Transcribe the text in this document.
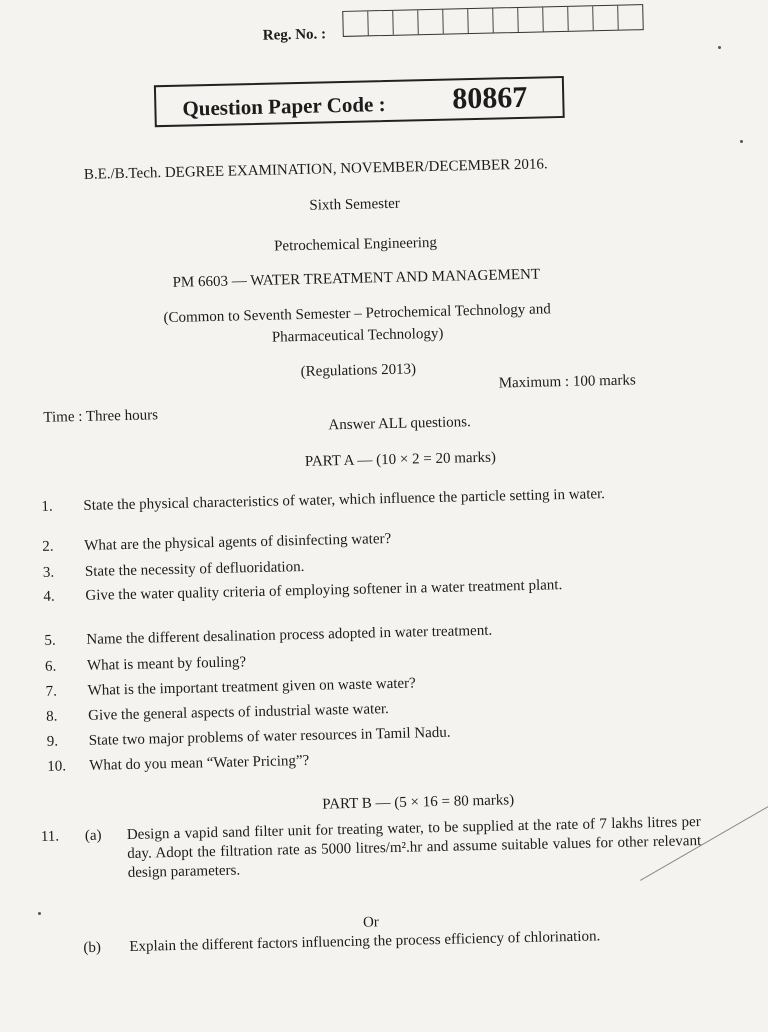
Reg. No. :
Question Paper Code : 80867
B.E./B.Tech. DEGREE EXAMINATION, NOVEMBER/DECEMBER 2016.
Sixth Semester
Petrochemical Engineering
PM 6603 — WATER TREATMENT AND MANAGEMENT
(Common to Seventh Semester – Petrochemical Technology and
Pharmaceutical Technology)
(Regulations 2013)
Maximum : 100 marks
Time : Three hours	Answer ALL questions.
PART A — (10 × 2 = 20 marks)
1.	State the physical characteristics of water, which influence the particle setting in water.
2.	What are the physical agents of disinfecting water?
3.	State the necessity of defluoridation.
4.	Give the water quality criteria of employing softener in a water treatment plant.
5.	Name the different desalination process adopted in water treatment.
6.	What is meant by fouling?
7.	What is the important treatment given on waste water?
8.	Give the general aspects of industrial waste water.
9.	State two major problems of water resources in Tamil Nadu.
10.	What do you mean “Water Pricing”?
PART B — (5 × 16 = 80 marks)
11. (a) Design a vapid sand filter unit for treating water, to be supplied at the rate of 7 lakhs litres per day. Adopt the filtration rate as 5000 litres/m².hr and assume suitable values for other relevant design parameters.
Or
(b) Explain the different factors influencing the process efficiency of chlorination.
